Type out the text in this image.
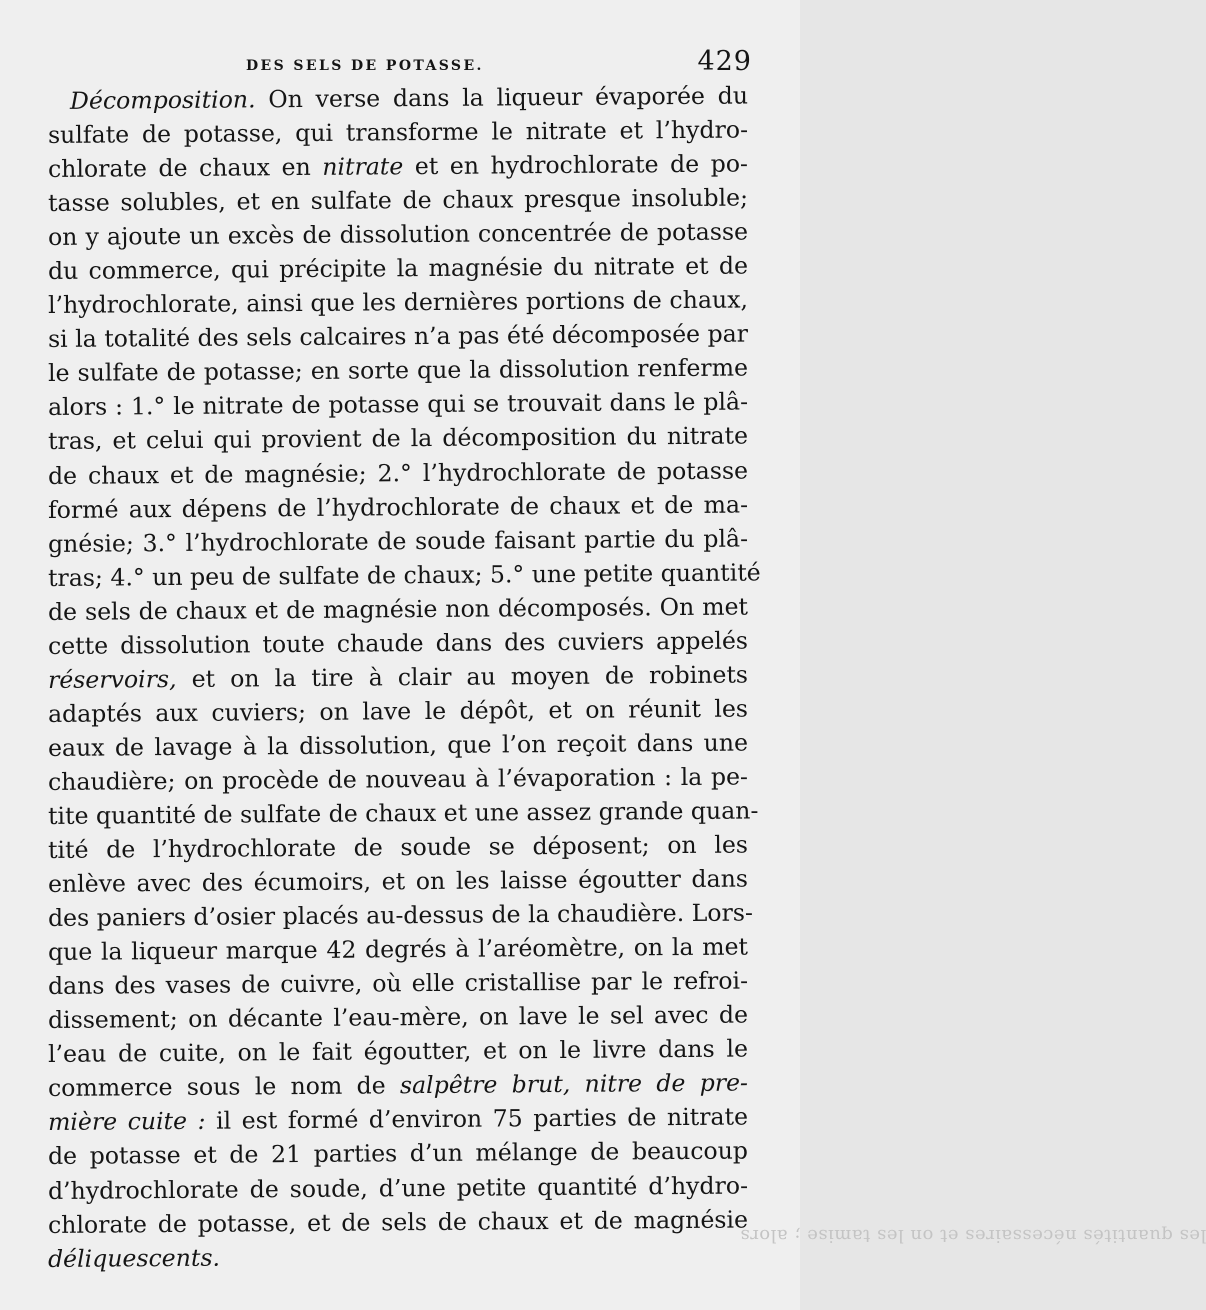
les quantités nécessaires et on les tamise ; alors
DES SELS DE POTASSE.	429
Décomposition. On verse dans la liqueur évaporée du
sulfate de potasse, qui transforme le nitrate et l’hydro-
chlorate de chaux en nitrate et en hydrochlorate de po-
tasse solubles, et en sulfate de chaux presque insoluble;
on y ajoute un excès de dissolution concentrée de potasse
du commerce, qui précipite la magnésie du nitrate et de
l’hydrochlorate, ainsi que les dernières portions de chaux,
si la totalité des sels calcaires n’a pas été décomposée par
le sulfate de potasse; en sorte que la dissolution renferme
alors : 1.° le nitrate de potasse qui se trouvait dans le plâ-
tras, et celui qui provient de la décomposition du nitrate
de chaux et de magnésie; 2.° l’hydrochlorate de potasse
formé aux dépens de l’hydrochlorate de chaux et de ma-
gnésie; 3.° l’hydrochlorate de soude faisant partie du plâ-
tras; 4.° un peu de sulfate de chaux; 5.° une petite quantité
de sels de chaux et de magnésie non décomposés. On met
cette dissolution toute chaude dans des cuviers appelés
réservoirs, et on la tire à clair au moyen de robinets
adaptés aux cuviers; on lave le dépôt, et on réunit les
eaux de lavage à la dissolution, que l’on reçoit dans une
chaudière; on procède de nouveau à l’évaporation : la pe-
tite quantité de sulfate de chaux et une assez grande quan-
tité de l’hydrochlorate de soude se déposent; on les
enlève avec des écumoirs, et on les laisse égoutter dans
des paniers d’osier placés au-dessus de la chaudière. Lors-
que la liqueur marque 42 degrés à l’aréomètre, on la met
dans des vases de cuivre, où elle cristallise par le refroi-
dissement; on décante l’eau-mère, on lave le sel avec de
l’eau de cuite, on le fait égoutter, et on le livre dans le
commerce sous le nom de salpêtre brut, nitre de pre-
mière cuite : il est formé d’environ 75 parties de nitrate
de potasse et de 21 parties d’un mélange de beaucoup
d’hydrochlorate de soude, d’une petite quantité d’hydro-
chlorate de potasse, et de sels de chaux et de magnésie
déliquescents.
